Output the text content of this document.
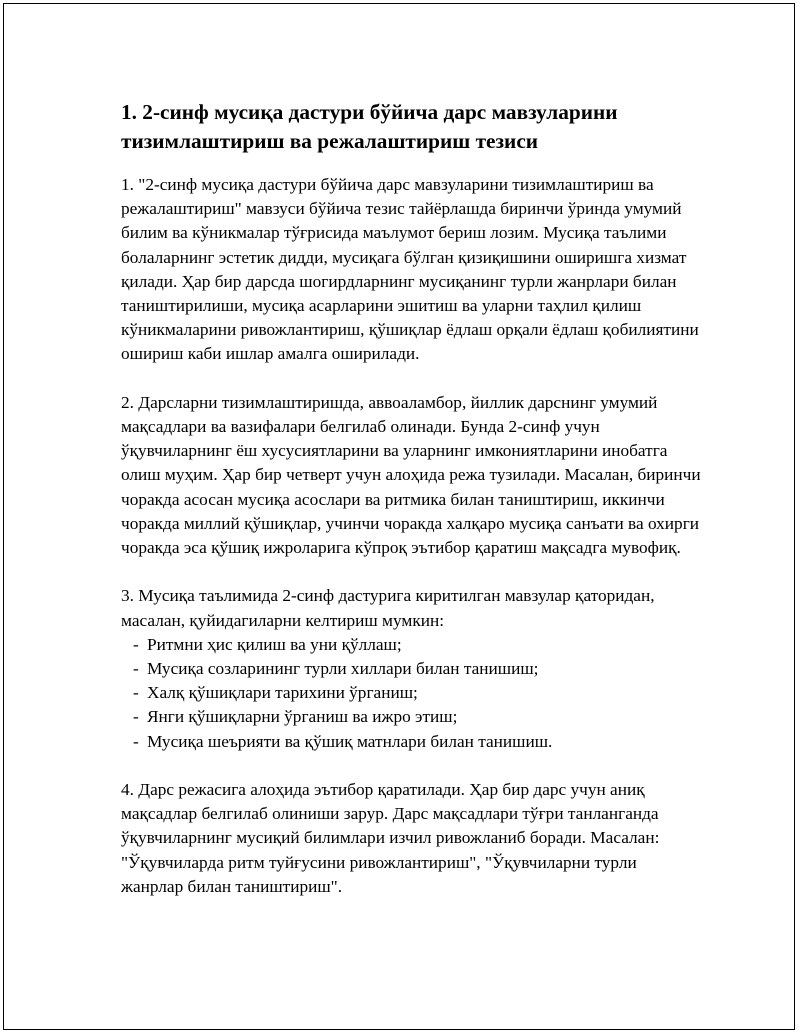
1. 2-синф мусиқа дастури бўйича дарс мавзуларини тизимлаштириш ва режалаштириш тезиси

1. "2-синф мусиқа дастури бўйича дарс мавзуларини тизимлаштириш ва режалаштириш" мавзуси бўйича тезис тайёрлашда биринчи ўринда умумий билим ва кўникмалар тўғрисида маълумот бериш лозим. Мусиқа таълими болаларнинг эстетик дидди, мусиқага бўлган қизиқишини оширишга хизмат қилади. Ҳар бир дарсда шогирдларнинг мусиқанинг турли жанрлари билан таништирилиши, мусиқа асарларини эшитиш ва уларни таҳлил қилиш кўникмаларини ривожлантириш, қўшиқлар ёдлаш орқали ёдлаш қобилиятини ошириш каби ишлар амалга оширилади.

2. Дарсларни тизимлаштиришда, аввоаламбор, йиллик дарснинг умумий мақсадлари ва вазифалари белгилаб олинади. Бунда 2-синф учун ўқувчиларнинг ёш хусусиятларини ва уларнинг имкониятларини инобатга олиш муҳим. Ҳар бир четверт учун алоҳида режа тузилади. Масалан, биринчи чоракда асосан мусиқа асослари ва ритмика билан таништириш, иккинчи чоракда миллий қўшиқлар, учинчи чоракда халқаро мусиқа санъати ва охирги чоракда эса қўшиқ ижроларига кўпроқ эътибор қаратиш мақсадга мувофиқ.

3. Мусиқа таълимида 2-синф дастурига киритилган мавзулар қаторидан, масалан, қуйидагиларни келтириш мумкин:

- Ритмни ҳис қилиш ва уни қўллаш;
- Мусиқа созларининг турли хиллари билан танишиш;
- Халқ қўшиқлари тарихини ўрганиш;
- Янги қўшиқларни ўрганиш ва ижро этиш;
- Мусиқа шеърияти ва қўшиқ матнлари билан танишиш.

4. Дарс режасига алоҳида эътибор қаратилади. Ҳар бир дарс учун аниқ мақсадлар белгилаб олиниши зарур. Дарс мақсадлари тўғри танланганда ўқувчиларнинг мусиқий билимлари изчил ривожланиб боради. Масалан: "Ўқувчиларда ритм туйғусини ривожлантириш", "Ўқувчиларни турли жанрлар билан таништириш".
